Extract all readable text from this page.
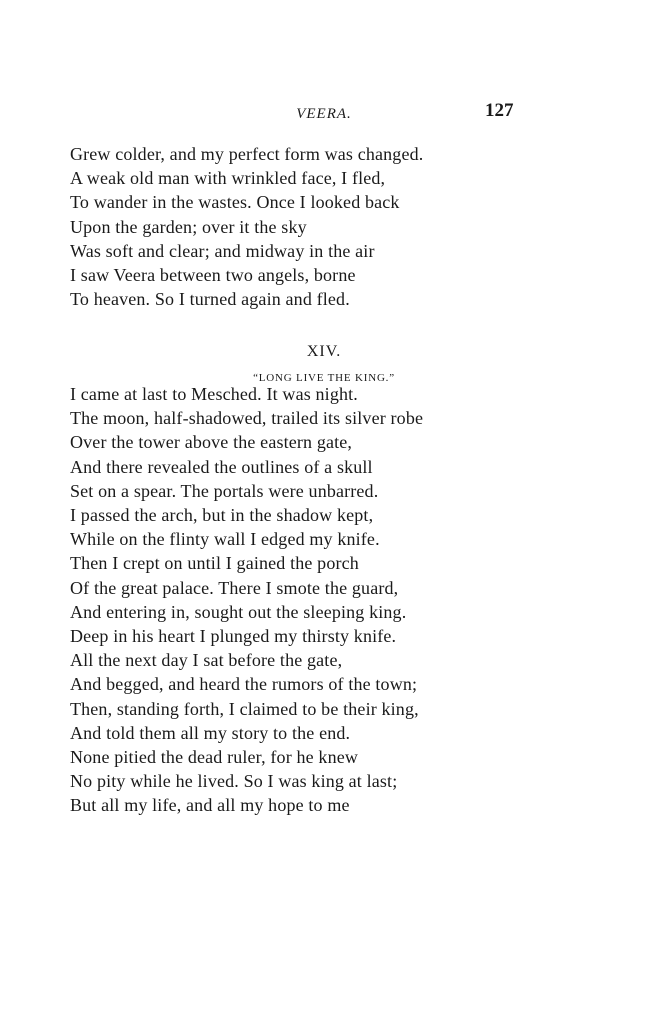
VEERA.	127
Grew colder, and my perfect form was changed.
A weak old man with wrinkled face, I fled,
To wander in the wastes. Once I looked back
Upon the garden; over it the sky
Was soft and clear; and midway in the air
I saw Veera between two angels, borne
To heaven. So I turned again and fled.
XIV.
“LONG LIVE THE KING.”
I came at last to Mesched. It was night.
The moon, half-shadowed, trailed its silver robe
Over the tower above the eastern gate,
And there revealed the outlines of a skull
Set on a spear. The portals were unbarred.
I passed the arch, but in the shadow kept,
While on the flinty wall I edged my knife.
Then I crept on until I gained the porch
Of the great palace. There I smote the guard,
And entering in, sought out the sleeping king.
Deep in his heart I plunged my thirsty knife.
All the next day I sat before the gate,
And begged, and heard the rumors of the town;
Then, standing forth, I claimed to be their king,
And told them all my story to the end.
None pitied the dead ruler, for he knew
No pity while he lived. So I was king at last;
But all my life, and all my hope to me
